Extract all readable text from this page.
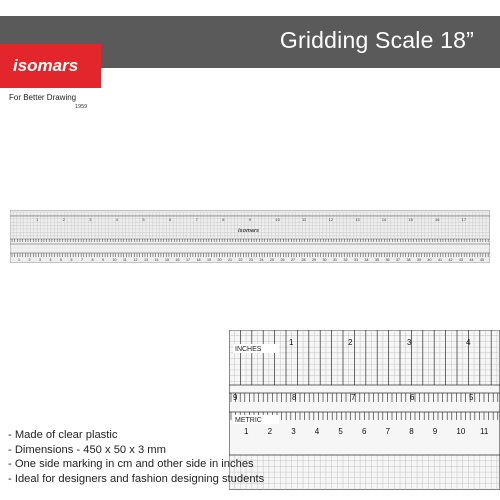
Gridding Scale 18”
isomars
For Better Drawing
1959
1	2	3	4	5	6	7	8	9	10	11	12	13	14	15	16	17
1 2 3 4 5 6 7 8 9 10 11 12 13 14 15 16 17 18 19 20 21 22 23 24 25 26 27 28 29 30 31 32 33 34 35 36 37 38 39 40 41 42 43 44 45
isomars
INCHES
METRIC
1	2	3	4
9	8	7	6	5
1 2 3 4 5 6 7 8 9 10 11
- Made of clear plastic
- Dimensions - 450 x 50 x 3 mm
- One side marking in cm and other side in inches
- Ideal for designers and fashion designing students
